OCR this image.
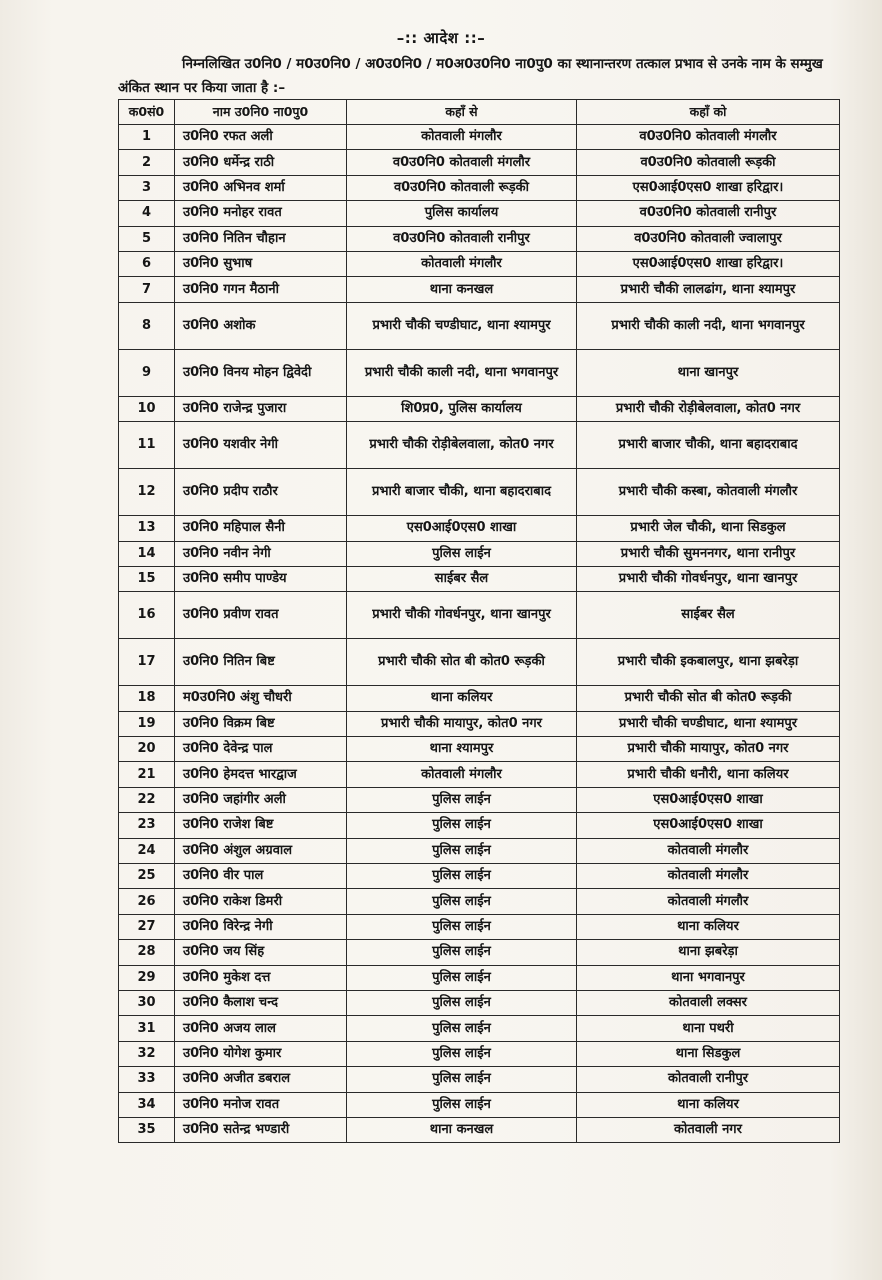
–:: आदेश ::–
निम्नलिखित उ0नि0 / म0उ0नि0 / अ0उ0नि0 / म0अ0उ0नि0 ना0पु0 का स्थानान्तरण तत्काल प्रभाव से उनके नाम के सम्मुख अंकित स्थान पर किया जाता है :–
क0सं0	नाम उ0नि0 ना0पु0	कहाँ से	कहाँ को
1	उ0नि0 रफत अली	कोतवाली मंगलौर	व0उ0नि0 कोतवाली मंगलौर
2	उ0नि0 धर्मेन्द्र राठी	व0उ0नि0 कोतवाली मंगलौर	व0उ0नि0 कोतवाली रूड़की
3	उ0नि0 अभिनव शर्मा	व0उ0नि0 कोतवाली रूड़की	एस0आई0एस0 शाखा हरिद्वार।
4	उ0नि0 मनोहर रावत	पुलिस कार्यालय	व0उ0नि0 कोतवाली रानीपुर
5	उ0नि0 नितिन चौहान	व0उ0नि0 कोतवाली रानीपुर	व0उ0नि0 कोतवाली ज्वालापुर
6	उ0नि0 सुभाष	कोतवाली मंगलौर	एस0आई0एस0 शाखा हरिद्वार।
7	उ0नि0 गगन मैठानी	थाना कनखल	प्रभारी चौकी लालढांग, थाना श्यामपुर
8	उ0नि0 अशोक	प्रभारी चौकी चण्डीघाट, थाना श्यामपुर	प्रभारी चौकी काली नदी, थाना भगवानपुर
9	उ0नि0 विनय मोहन द्विवेदी	प्रभारी चौकी काली नदी, थाना भगवानपुर	थाना खानपुर
10	उ0नि0 राजेन्द्र पुजारा	शि0प्र0, पुलिस कार्यालय	प्रभारी चौकी रोड़ीबेलवाला, कोत0 नगर
11	उ0नि0 यशवीर नेगी	प्रभारी चौकी रोड़ीबेलवाला, कोत0 नगर	प्रभारी बाजार चौकी, थाना बहादराबाद
12	उ0नि0 प्रदीप राठौर	प्रभारी बाजार चौकी, थाना बहादराबाद	प्रभारी चौकी कस्बा, कोतवाली मंगलौर
13	उ0नि0 महिपाल सैनी	एस0आई0एस0 शाखा	प्रभारी जेल चौकी, थाना सिडकुल
14	उ0नि0 नवीन नेगी	पुलिस लाईन	प्रभारी चौकी सुमननगर, थाना रानीपुर
15	उ0नि0 समीप पाण्डेय	साईबर सैल	प्रभारी चौकी गोवर्धनपुर, थाना खानपुर
16	उ0नि0 प्रवीण रावत	प्रभारी चौकी गोवर्धनपुर, थाना खानपुर	साईबर सैल
17	उ0नि0 नितिन बिष्ट	प्रभारी चौकी सोत बी कोत0 रूड़की	प्रभारी चौकी इकबालपुर, थाना झबरेड़ा
18	म0उ0नि0 अंशु चौधरी	थाना कलियर	प्रभारी चौकी सोत बी कोत0 रूड़की
19	उ0नि0 विक्रम बिष्ट	प्रभारी चौकी मायापुर, कोत0 नगर	प्रभारी चौकी चण्डीघाट, थाना श्यामपुर
20	उ0नि0 देवेन्द्र पाल	थाना श्यामपुर	प्रभारी चौकी मायापुर, कोत0 नगर
21	उ0नि0 हेमदत्त भारद्वाज	कोतवाली मंगलौर	प्रभारी चौकी धनौरी, थाना कलियर
22	उ0नि0 जहांगीर अली	पुलिस लाईन	एस0आई0एस0 शाखा
23	उ0नि0 राजेश बिष्ट	पुलिस लाईन	एस0आई0एस0 शाखा
24	उ0नि0 अंशुल अग्रवाल	पुलिस लाईन	कोतवाली मंगलौर
25	उ0नि0 वीर पाल	पुलिस लाईन	कोतवाली मंगलौर
26	उ0नि0 राकेश डिमरी	पुलिस लाईन	कोतवाली मंगलौर
27	उ0नि0 विरेन्द्र नेगी	पुलिस लाईन	थाना कलियर
28	उ0नि0 जय सिंह	पुलिस लाईन	थाना झबरेड़ा
29	उ0नि0 मुकेश दत्त	पुलिस लाईन	थाना भगवानपुर
30	उ0नि0 कैलाश चन्द	पुलिस लाईन	कोतवाली लक्सर
31	उ0नि0 अजय लाल	पुलिस लाईन	थाना पथरी
32	उ0नि0 योगेश कुमार	पुलिस लाईन	थाना सिडकुल
33	उ0नि0 अजीत डबराल	पुलिस लाईन	कोतवाली रानीपुर
34	उ0नि0 मनोज रावत	पुलिस लाईन	थाना कलियर
35	उ0नि0 सतेन्द्र भण्डारी	थाना कनखल	कोतवाली नगर
